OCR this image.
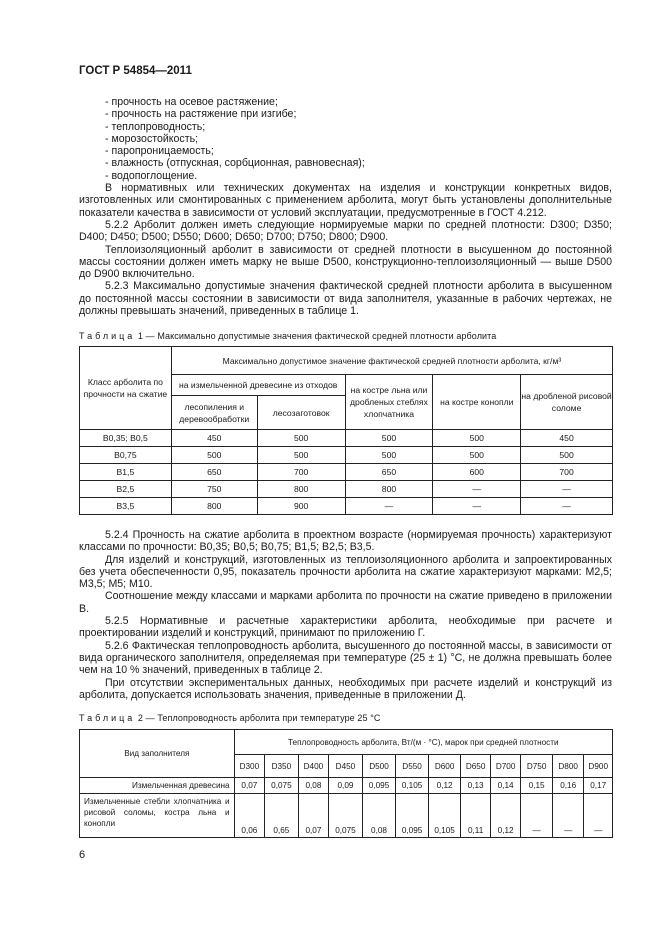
ГОСТ Р 54854—2011

- прочность на осевое растяжение;

- прочность на растяжение при изгибе;

- теплопроводность;

- морозостойкость;

- паропроницаемость;

- влажность (отпускная, сорбционная, равновесная);

- водопоглощение.

В нормативных или технических документах на изделия и конструкции конкретных видов, изготовленных или смонтированных с применением арболита, могут быть установлены дополнительные показатели качества в зависимости от условий эксплуатации, предусмотренные в ГОСТ 4.212.

5.2.2 Арболит должен иметь следующие нормируемые марки по средней плотности: D300; D350; D400; D450; D500; D550; D600; D650; D700; D750; D800; D900.

Теплоизоляционный арболит в зависимости от средней плотности в высушенном до постоянной массы состоянии должен иметь марку не выше D500, конструкционно-теплоизоляционный — выше D500 до D900 включительно.

5.2.3 Максимально допустимые значения фактической средней плотности арболита в высушенном до постоянной массы состоянии в зависимости от вида заполнителя, указанные в рабочих чертежах, не должны превышать значений, приведенных в таблице 1.

Таблица 1 — Максимально допустимые значения фактической средней плотности арболита
Класс арболита по прочности на сжатие	Максимально допустимое значение фактической средней плотности арболита, кг/м³				
	на измельченной древесине из отходов		на костре льна или дробленых стеблях хлопчатника	на костре конопли	на дробленой рисовой соломе
	лесопиления и деревообработки	лесозаготовок			
B0,35; B0,5	450	500	500	500	450
B0,75	500	500	500	500	500
B1,5	650	700	650	600	700
B2,5	750	800	800	—	—
B3,5	800	900	—	—	—

5.2.4 Прочность на сжатие арболита в проектном возрасте (нормируемая прочность) характеризуют классами по прочности: B0,35; B0,5; B0,75; B1,5; B2,5; B3,5.

Для изделий и конструкций, изготовленных из теплоизоляционного арболита и запроектированных без учета обеспеченности 0,95, показатель прочности арболита на сжатие характеризуют марками: M2,5; M3,5; M5; M10.

Соотношение между классами и марками арболита по прочности на сжатие приведено в приложении В.

5.2.5 Нормативные и расчетные характеристики арболита, необходимые при расчете и проектировании изделий и конструкций, принимают по приложению Г.

5.2.6 Фактическая теплопроводность арболита, высушенного до постоянной массы, в зависимости от вида органического заполнителя, определяемая при температуре (25 ± 1) °С, не должна превышать более чем на 10 % значений, приведенных в таблице 2.

При отсутствии экспериментальных данных, необходимых при расчете изделий и конструкций из арболита, допускается использовать значения, приведенные в приложении Д.

Таблица 2 — Теплопроводность арболита при температуре 25 °С
Вид заполнителя	Теплопроводность арболита, Вт/(м · °С), марок при средней плотности											
	D300	D350	D400	D450	D500	D550	D600	D650	D700	D750	D800	D900
Измельченная древесина	0,07	0,075	0,08	0,09	0,095	0,105	0,12	0,13	0,14	0,15	0,16	0,17
Измельченные стебли хлопчатника и рисовой соломы, костра льна и конопли	0,06	0,65	0,07	0,075	0,08	0,095	0,105	0,11	0,12	—	—	—
6
